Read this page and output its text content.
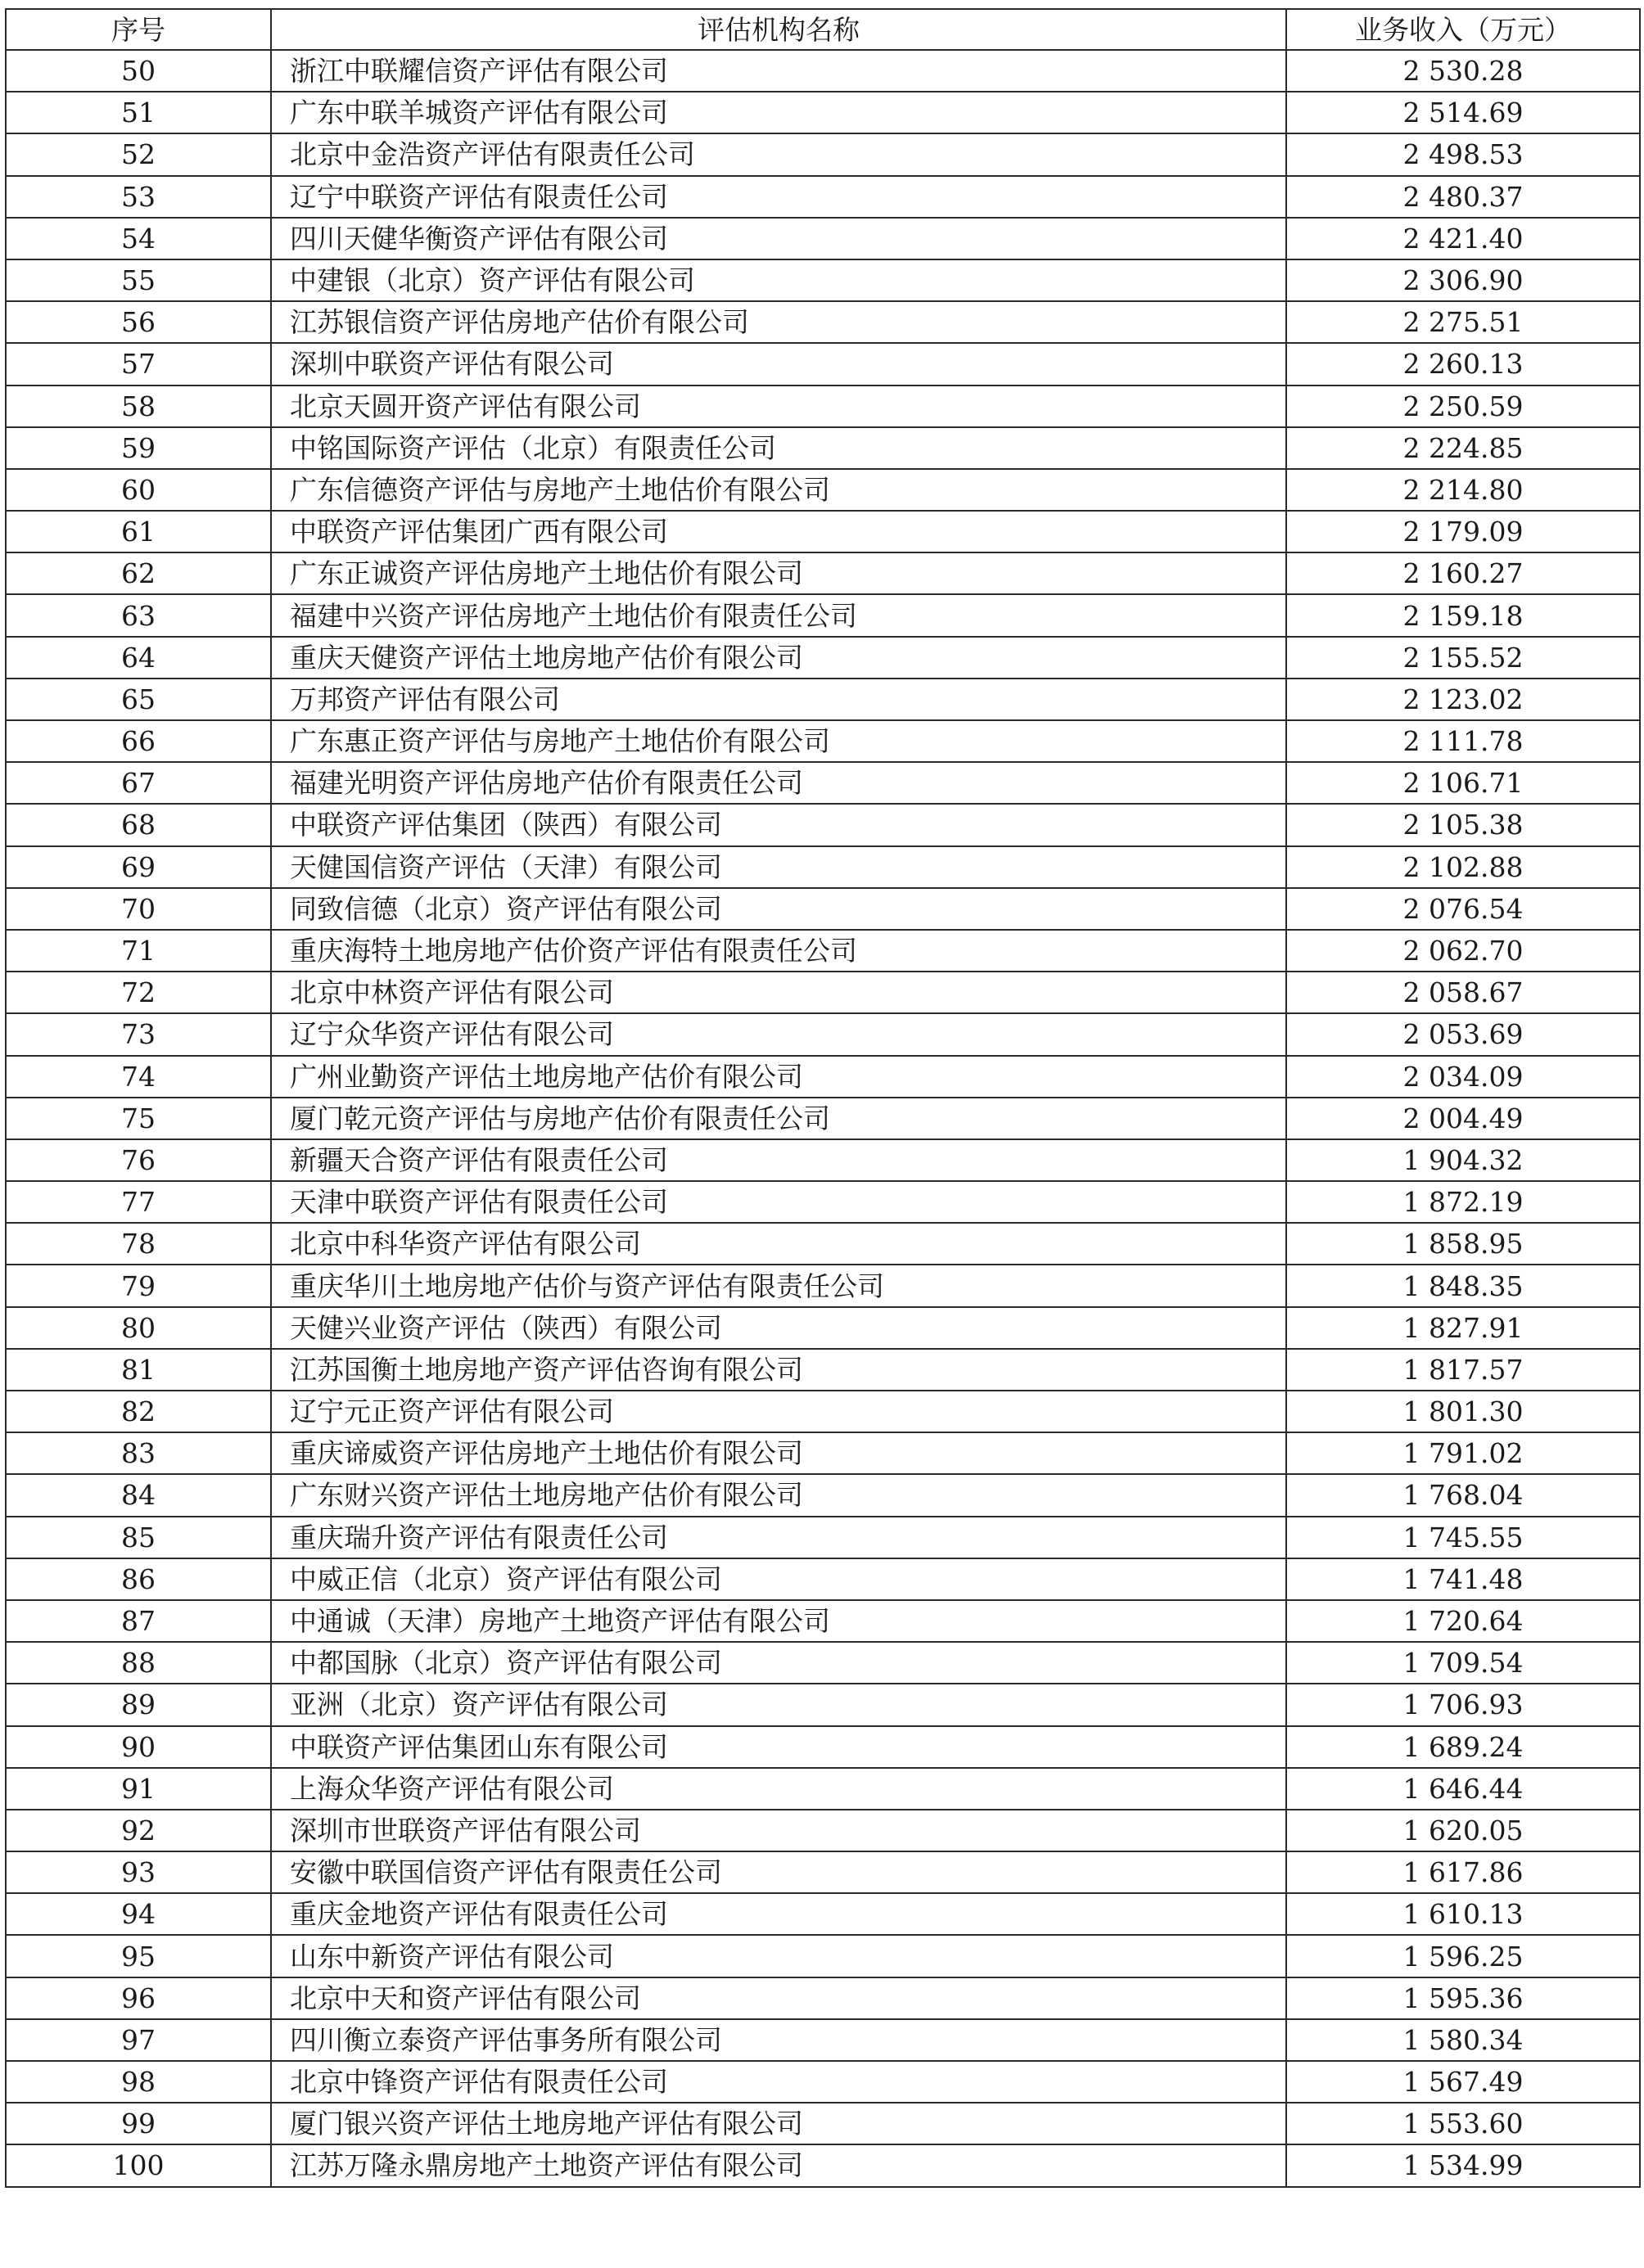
序号	评估机构名称	业务收入（万元）
50	浙江中联耀信资产评估有限公司	2 530.28
51	广东中联羊城资产评估有限公司	2 514.69
52	北京中金浩资产评估有限责任公司	2 498.53
53	辽宁中联资产评估有限责任公司	2 480.37
54	四川天健华衡资产评估有限公司	2 421.40
55	中建银（北京）资产评估有限公司	2 306.90
56	江苏银信资产评估房地产估价有限公司	2 275.51
57	深圳中联资产评估有限公司	2 260.13
58	北京天圆开资产评估有限公司	2 250.59
59	中铭国际资产评估（北京）有限责任公司	2 224.85
60	广东信德资产评估与房地产土地估价有限公司	2 214.80
61	中联资产评估集团广西有限公司	2 179.09
62	广东正诚资产评估房地产土地估价有限公司	2 160.27
63	福建中兴资产评估房地产土地估价有限责任公司	2 159.18
64	重庆天健资产评估土地房地产估价有限公司	2 155.52
65	万邦资产评估有限公司	2 123.02
66	广东惠正资产评估与房地产土地估价有限公司	2 111.78
67	福建光明资产评估房地产估价有限责任公司	2 106.71
68	中联资产评估集团（陕西）有限公司	2 105.38
69	天健国信资产评估（天津）有限公司	2 102.88
70	同致信德（北京）资产评估有限公司	2 076.54
71	重庆海特土地房地产估价资产评估有限责任公司	2 062.70
72	北京中林资产评估有限公司	2 058.67
73	辽宁众华资产评估有限公司	2 053.69
74	广州业勤资产评估土地房地产估价有限公司	2 034.09
75	厦门乾元资产评估与房地产估价有限责任公司	2 004.49
76	新疆天合资产评估有限责任公司	1 904.32
77	天津中联资产评估有限责任公司	1 872.19
78	北京中科华资产评估有限公司	1 858.95
79	重庆华川土地房地产估价与资产评估有限责任公司	1 848.35
80	天健兴业资产评估（陕西）有限公司	1 827.91
81	江苏国衡土地房地产资产评估咨询有限公司	1 817.57
82	辽宁元正资产评估有限公司	1 801.30
83	重庆谛威资产评估房地产土地估价有限公司	1 791.02
84	广东财兴资产评估土地房地产估价有限公司	1 768.04
85	重庆瑞升资产评估有限责任公司	1 745.55
86	中威正信（北京）资产评估有限公司	1 741.48
87	中通诚（天津）房地产土地资产评估有限公司	1 720.64
88	中都国脉（北京）资产评估有限公司	1 709.54
89	亚洲（北京）资产评估有限公司	1 706.93
90	中联资产评估集团山东有限公司	1 689.24
91	上海众华资产评估有限公司	1 646.44
92	深圳市世联资产评估有限公司	1 620.05
93	安徽中联国信资产评估有限责任公司	1 617.86
94	重庆金地资产评估有限责任公司	1 610.13
95	山东中新资产评估有限公司	1 596.25
96	北京中天和资产评估有限公司	1 595.36
97	四川衡立泰资产评估事务所有限公司	1 580.34
98	北京中锋资产评估有限责任公司	1 567.49
99	厦门银兴资产评估土地房地产评估有限公司	1 553.60
100	江苏万隆永鼎房地产土地资产评估有限公司	1 534.99
